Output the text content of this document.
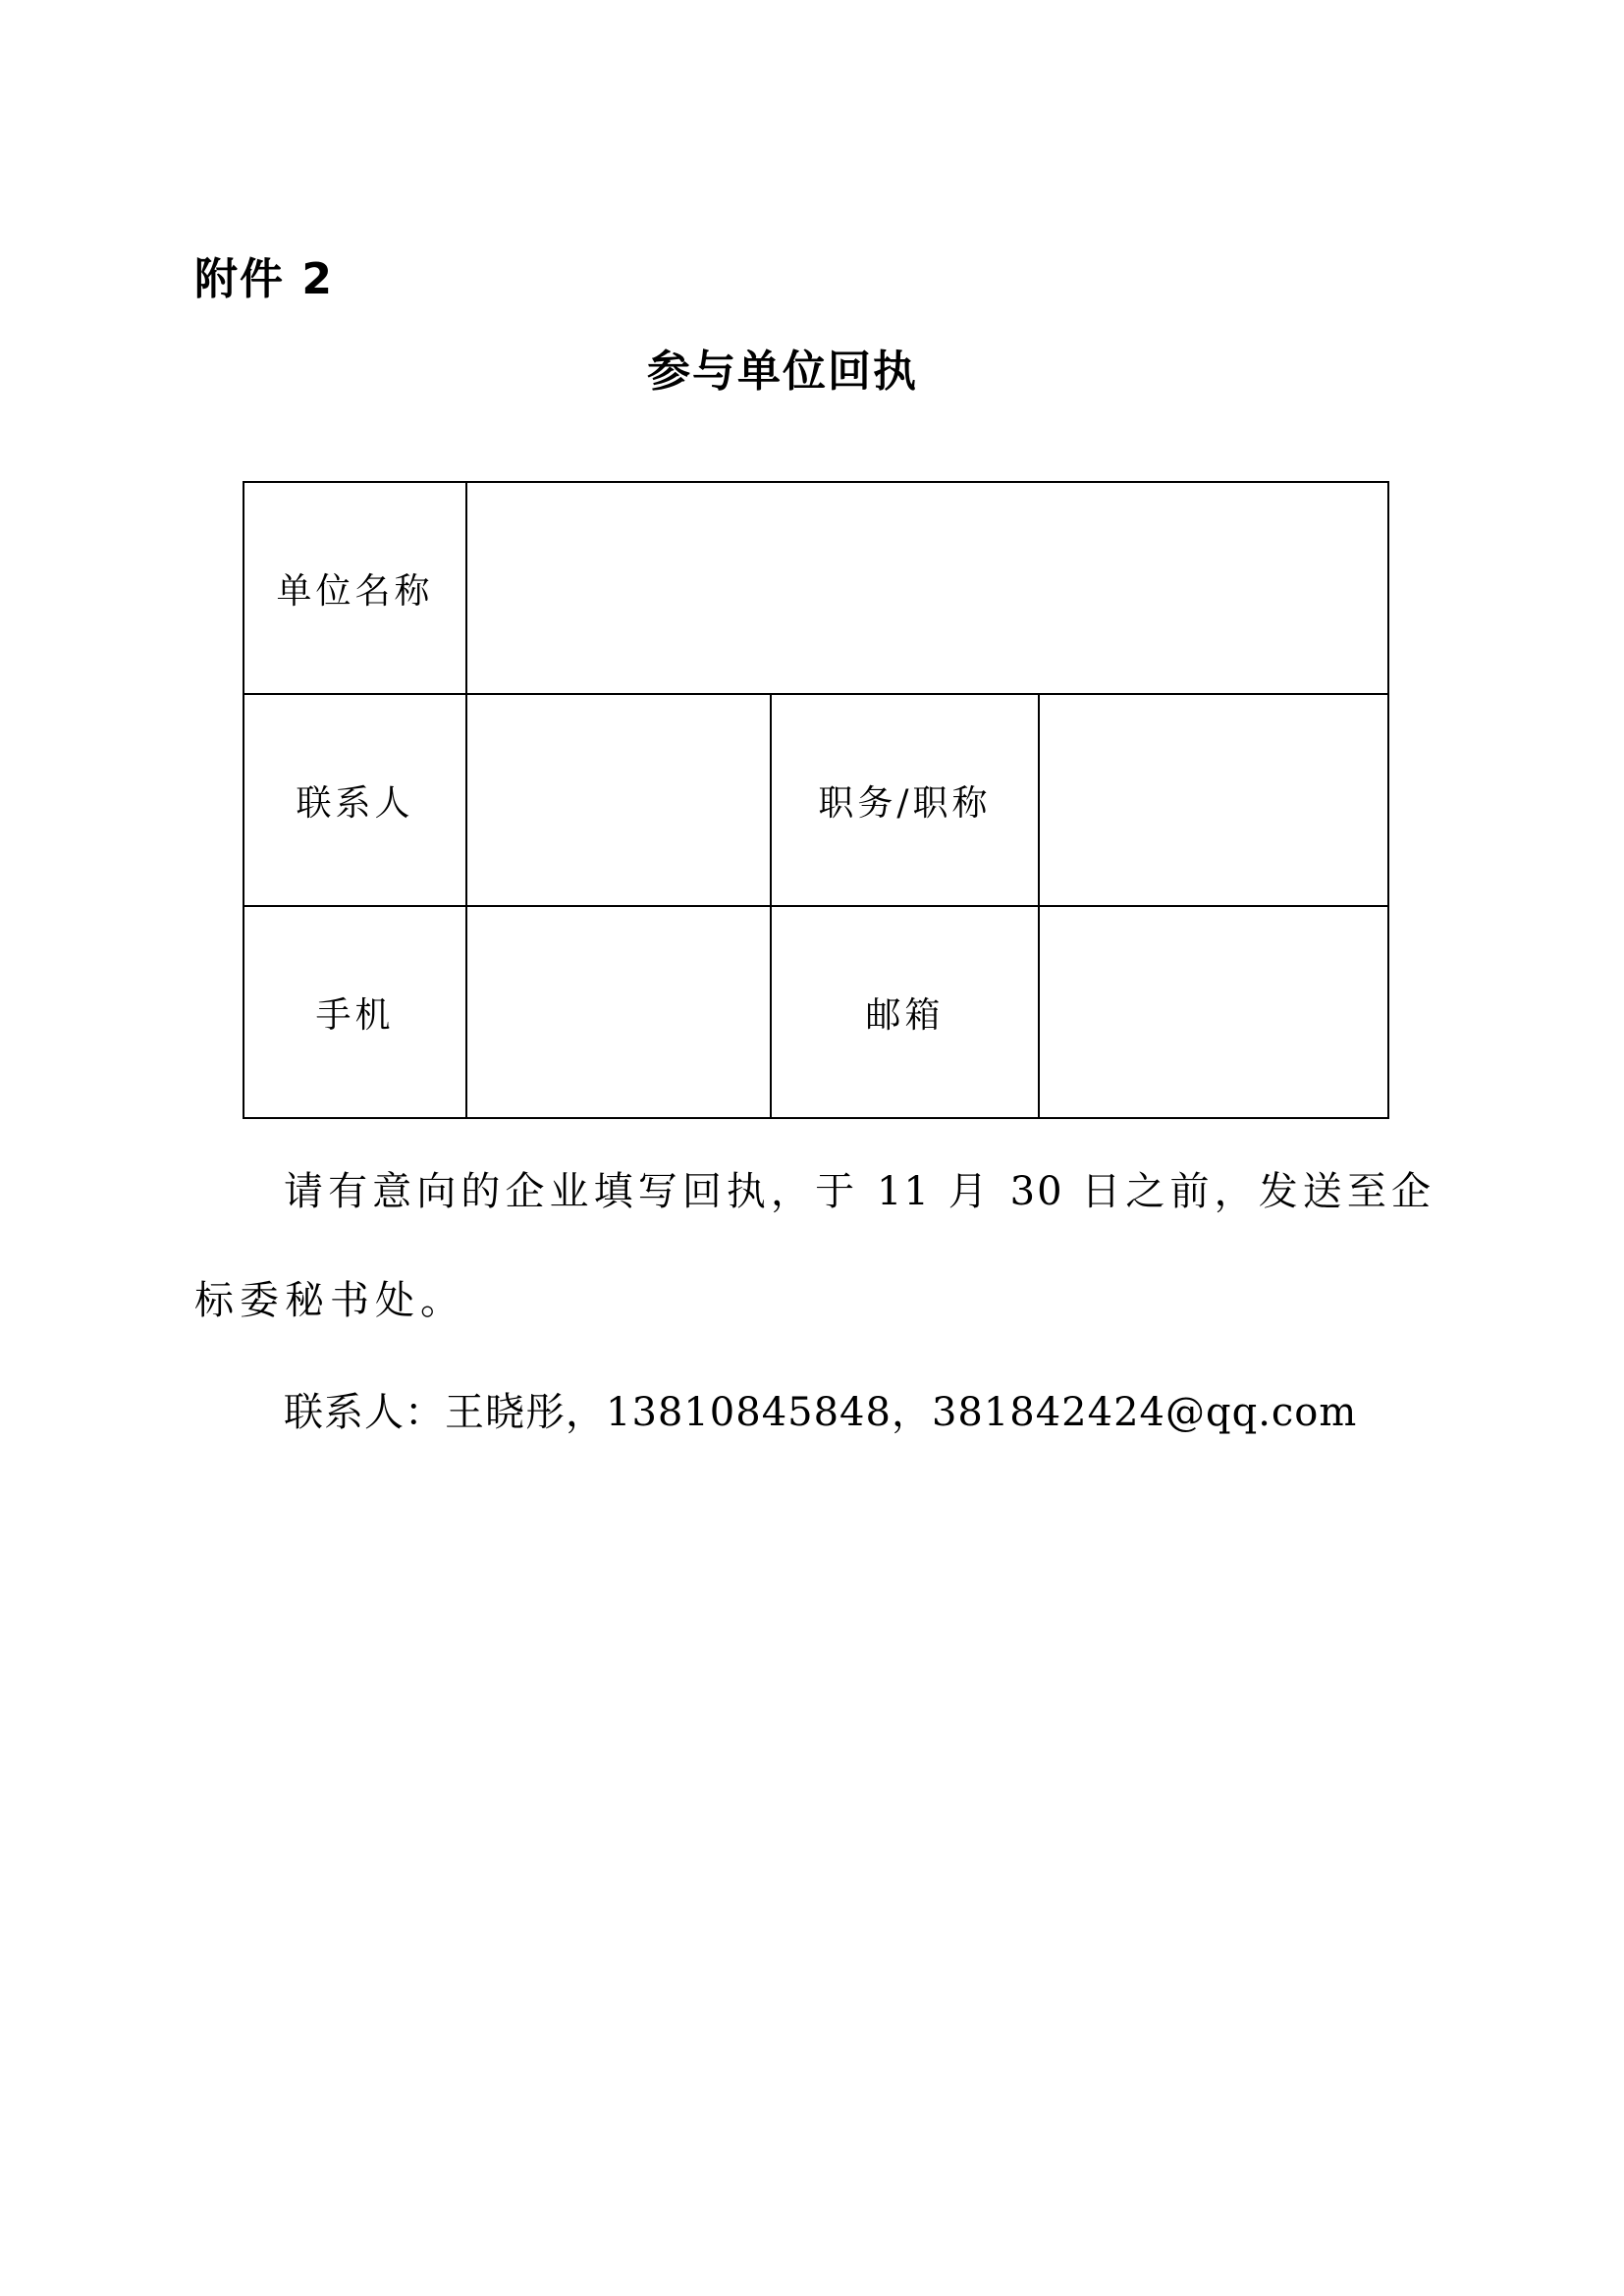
附件 2
参与单位回执
单位名称			
联系人		职务/职称	
手机		邮箱	
请有意向的企业填写回执，于 11 月 30 日之前，发送至企
标委秘书处。
联系人：王晓彤，13810845848，381842424@qq.com
